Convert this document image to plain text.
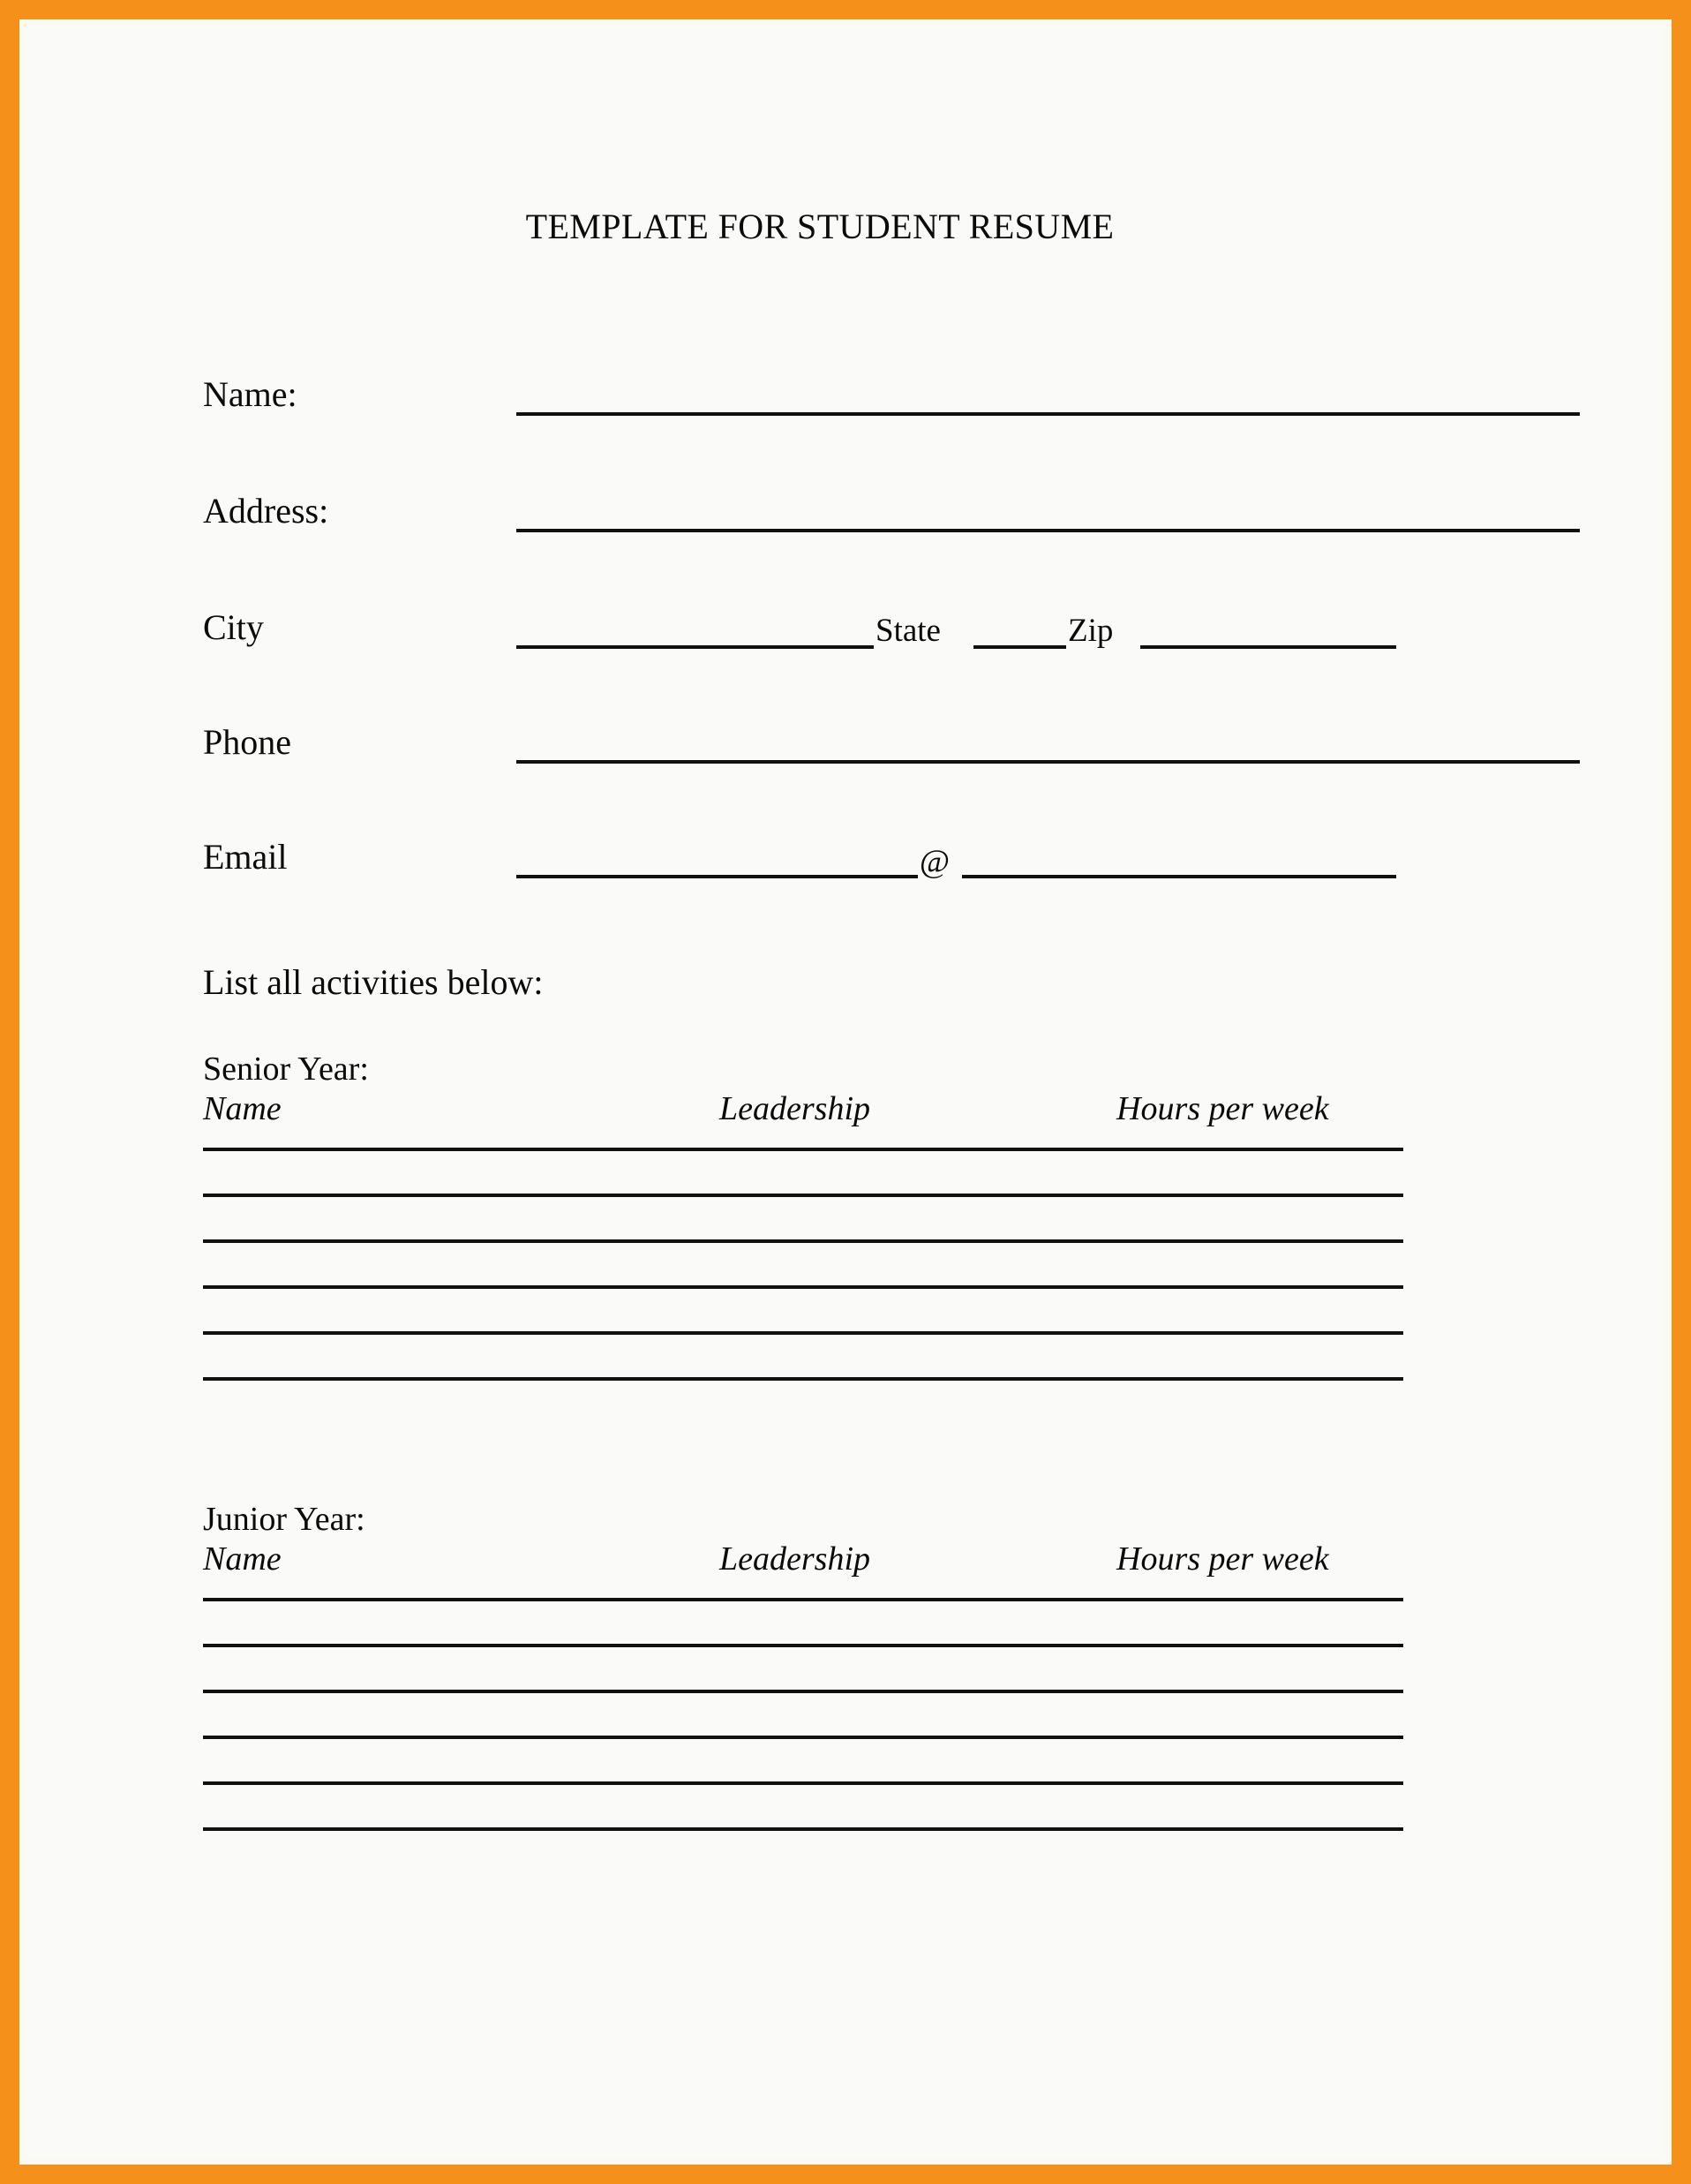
TEMPLATE FOR STUDENT RESUME
Name:
Address:
City	State	Zip
Phone
Email	@
List all activities below:
Senior Year:
Name	Leadership	Hours per week
Junior Year:
Name	Leadership	Hours per week
